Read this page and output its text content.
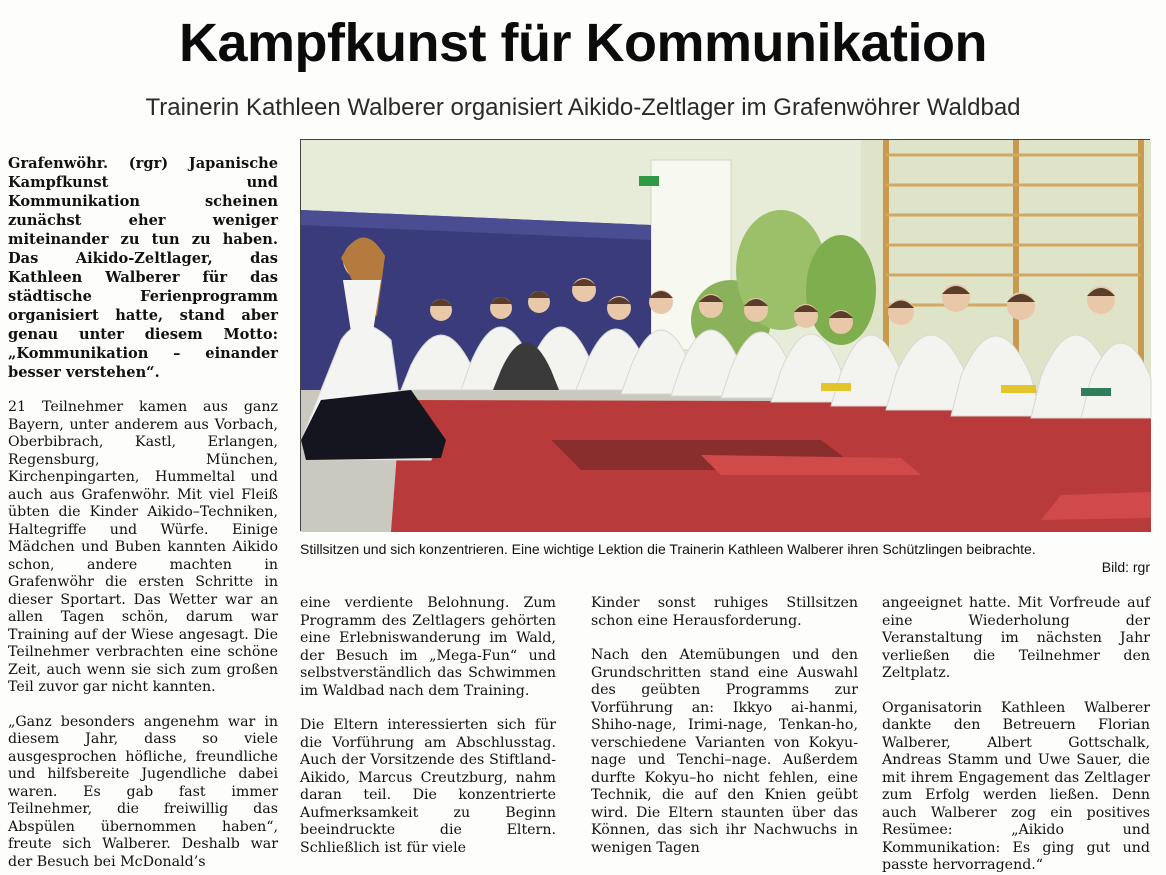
Kampfkunst für Kommunikation
Trainerin Kathleen Walberer organisiert Aikido-Zeltlager im Grafenwöhrer Waldbad

Grafenwöhr. (rgr) Japanische Kampfkunst und Kommunikation scheinen zunächst eher weniger miteinander zu tun zu haben. Das Aikido-Zeltlager, das Kathleen Walberer für das städtische Ferienprogramm organisiert hatte, stand aber genau unter diesem Motto: „Kommunikation – einander besser verstehen“.

21 Teilnehmer kamen aus ganz Bayern, unter anderem aus Vorbach, Oberbibrach, Kastl, Erlangen, Regensburg, München, Kirchenpingarten, Hummeltal und auch aus Grafenwöhr. Mit viel Fleiß übten die Kinder Aikido–Techniken, Haltegriffe und Würfe. Einige Mädchen und Buben kannten Aikido schon, andere machten in Grafenwöhr die ersten Schritte in dieser Sportart. Das Wetter war an allen Tagen schön, darum war Training auf der Wiese angesagt. Die Teilnehmer verbrachten eine schöne Zeit, auch wenn sie sich zum großen Teil zuvor gar nicht kannten.

„Ganz besonders angenehm war in diesem Jahr, dass so viele ausgesprochen höfliche, freundliche und hilfsbereite Jugendliche dabei waren. Es gab fast immer Teilnehmer, die freiwillig das Abspülen übernommen haben“, freute sich Walberer. Deshalb war der Besuch bei McDonald’s

Stillsitzen und sich konzentrieren. Eine wichtige Lektion die Trainerin Kathleen Walberer ihren Schützlingen beibrachte.
Bild: rgr

eine verdiente Belohnung. Zum Programm des Zeltlagers gehörten eine Erlebniswanderung im Wald, der Besuch im „Mega-Fun“ und selbstverständlich das Schwimmen im Waldbad nach dem Training.

Die Eltern interessierten sich für die Vorführung am Abschlusstag. Auch der Vorsitzende des Stiftland-Aikido, Marcus Creutzburg, nahm daran teil. Die konzentrierte Aufmerksamkeit zu Beginn beeindruckte die Eltern. Schließlich ist für viele

Kinder sonst ruhiges Stillsitzen schon eine Herausforderung.

Nach den Atemübungen und den Grundschritten stand eine Auswahl des geübten Programms zur Vorführung an: Ikkyo ai-hanmi, Shiho-nage, Irimi-nage, Tenkan-ho, verschiedene Varianten von Kokyu-nage und Tenchi–nage. Außerdem durfte Kokyu–ho nicht fehlen, eine Technik, die auf den Knien geübt wird. Die Eltern staunten über das Können, das sich ihr Nachwuchs in wenigen Tagen

angeeignet hatte. Mit Vorfreude auf eine Wiederholung der Veranstaltung im nächsten Jahr verließen die Teilnehmer den Zeltplatz.

Organisatorin Kathleen Walberer dankte den Betreuern Florian Walberer, Albert Gottschalk, Andreas Stamm und Uwe Sauer, die mit ihrem Engagement das Zeltlager zum Erfolg werden ließen. Denn auch Walberer zog ein positives Resümee: „Aikido und Kommunikation: Es ging gut und passte hervorragend.“
